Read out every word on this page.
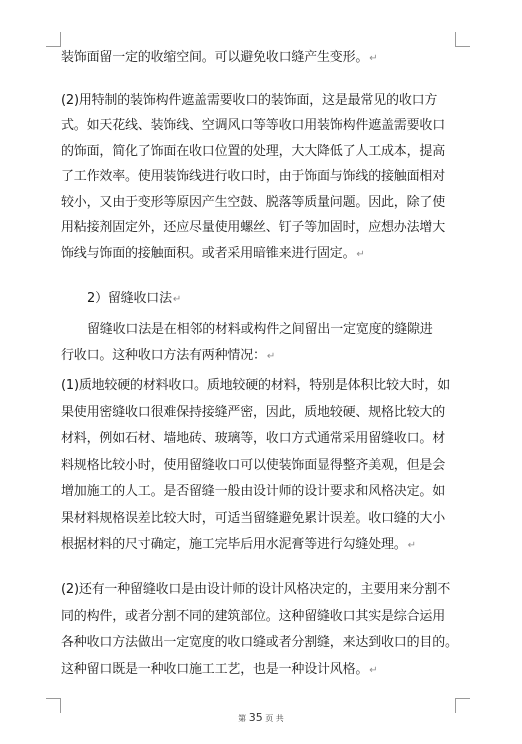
装饰面留一定的收缩空间。可以避免收口缝产生变形。↵
(2)用特制的装饰构件遮盖需要收口的装饰面，这是最常见的收口方
式。如天花线、装饰线、空调风口等等收口用装饰构件遮盖需要收口
的饰面，简化了饰面在收口位置的处理，大大降低了人工成本，提高
了工作效率。使用装饰线进行收口时，由于饰面与饰线的接触面相对
较小，又由于变形等原因产生空鼓、脱落等质量问题。因此，除了使
用粘接剂固定外，还应尽量使用螺丝、钉子等加固时，应想办法增大
饰线与饰面的接触面积。或者采用暗锥来进行固定。↵
2）留缝收口法↵
留缝收口法是在相邻的材料或构件之间留出一定宽度的缝隙进
行收口。这种收口方法有两种情况：↵
(1)质地较硬的材料收口。质地较硬的材料，特别是体积比较大时，如
果使用密缝收口很难保持接缝严密，因此，质地较硬、规格比较大的
材料，例如石材、墙地砖、玻璃等，收口方式通常采用留缝收口。材
料规格比较小时，使用留缝收口可以使装饰面显得整齐美观，但是会
增加施工的人工。是否留缝一般由设计师的设计要求和风格决定。如
果材料规格误差比较大时，可适当留缝避免累计误差。收口缝的大小
根据材料的尺寸确定，施工完毕后用水泥膏等进行勾缝处理。↵
(2)还有一种留缝收口是由设计师的设计风格决定的，主要用来分割不
同的构件，或者分割不同的建筑部位。这种留缝收口其实是综合运用
各种收口方法做出一定宽度的收口缝或者分割缝，来达到收口的目的。
这种留口既是一种收口施工工艺，也是一种设计风格。↵
第 35 页 共
